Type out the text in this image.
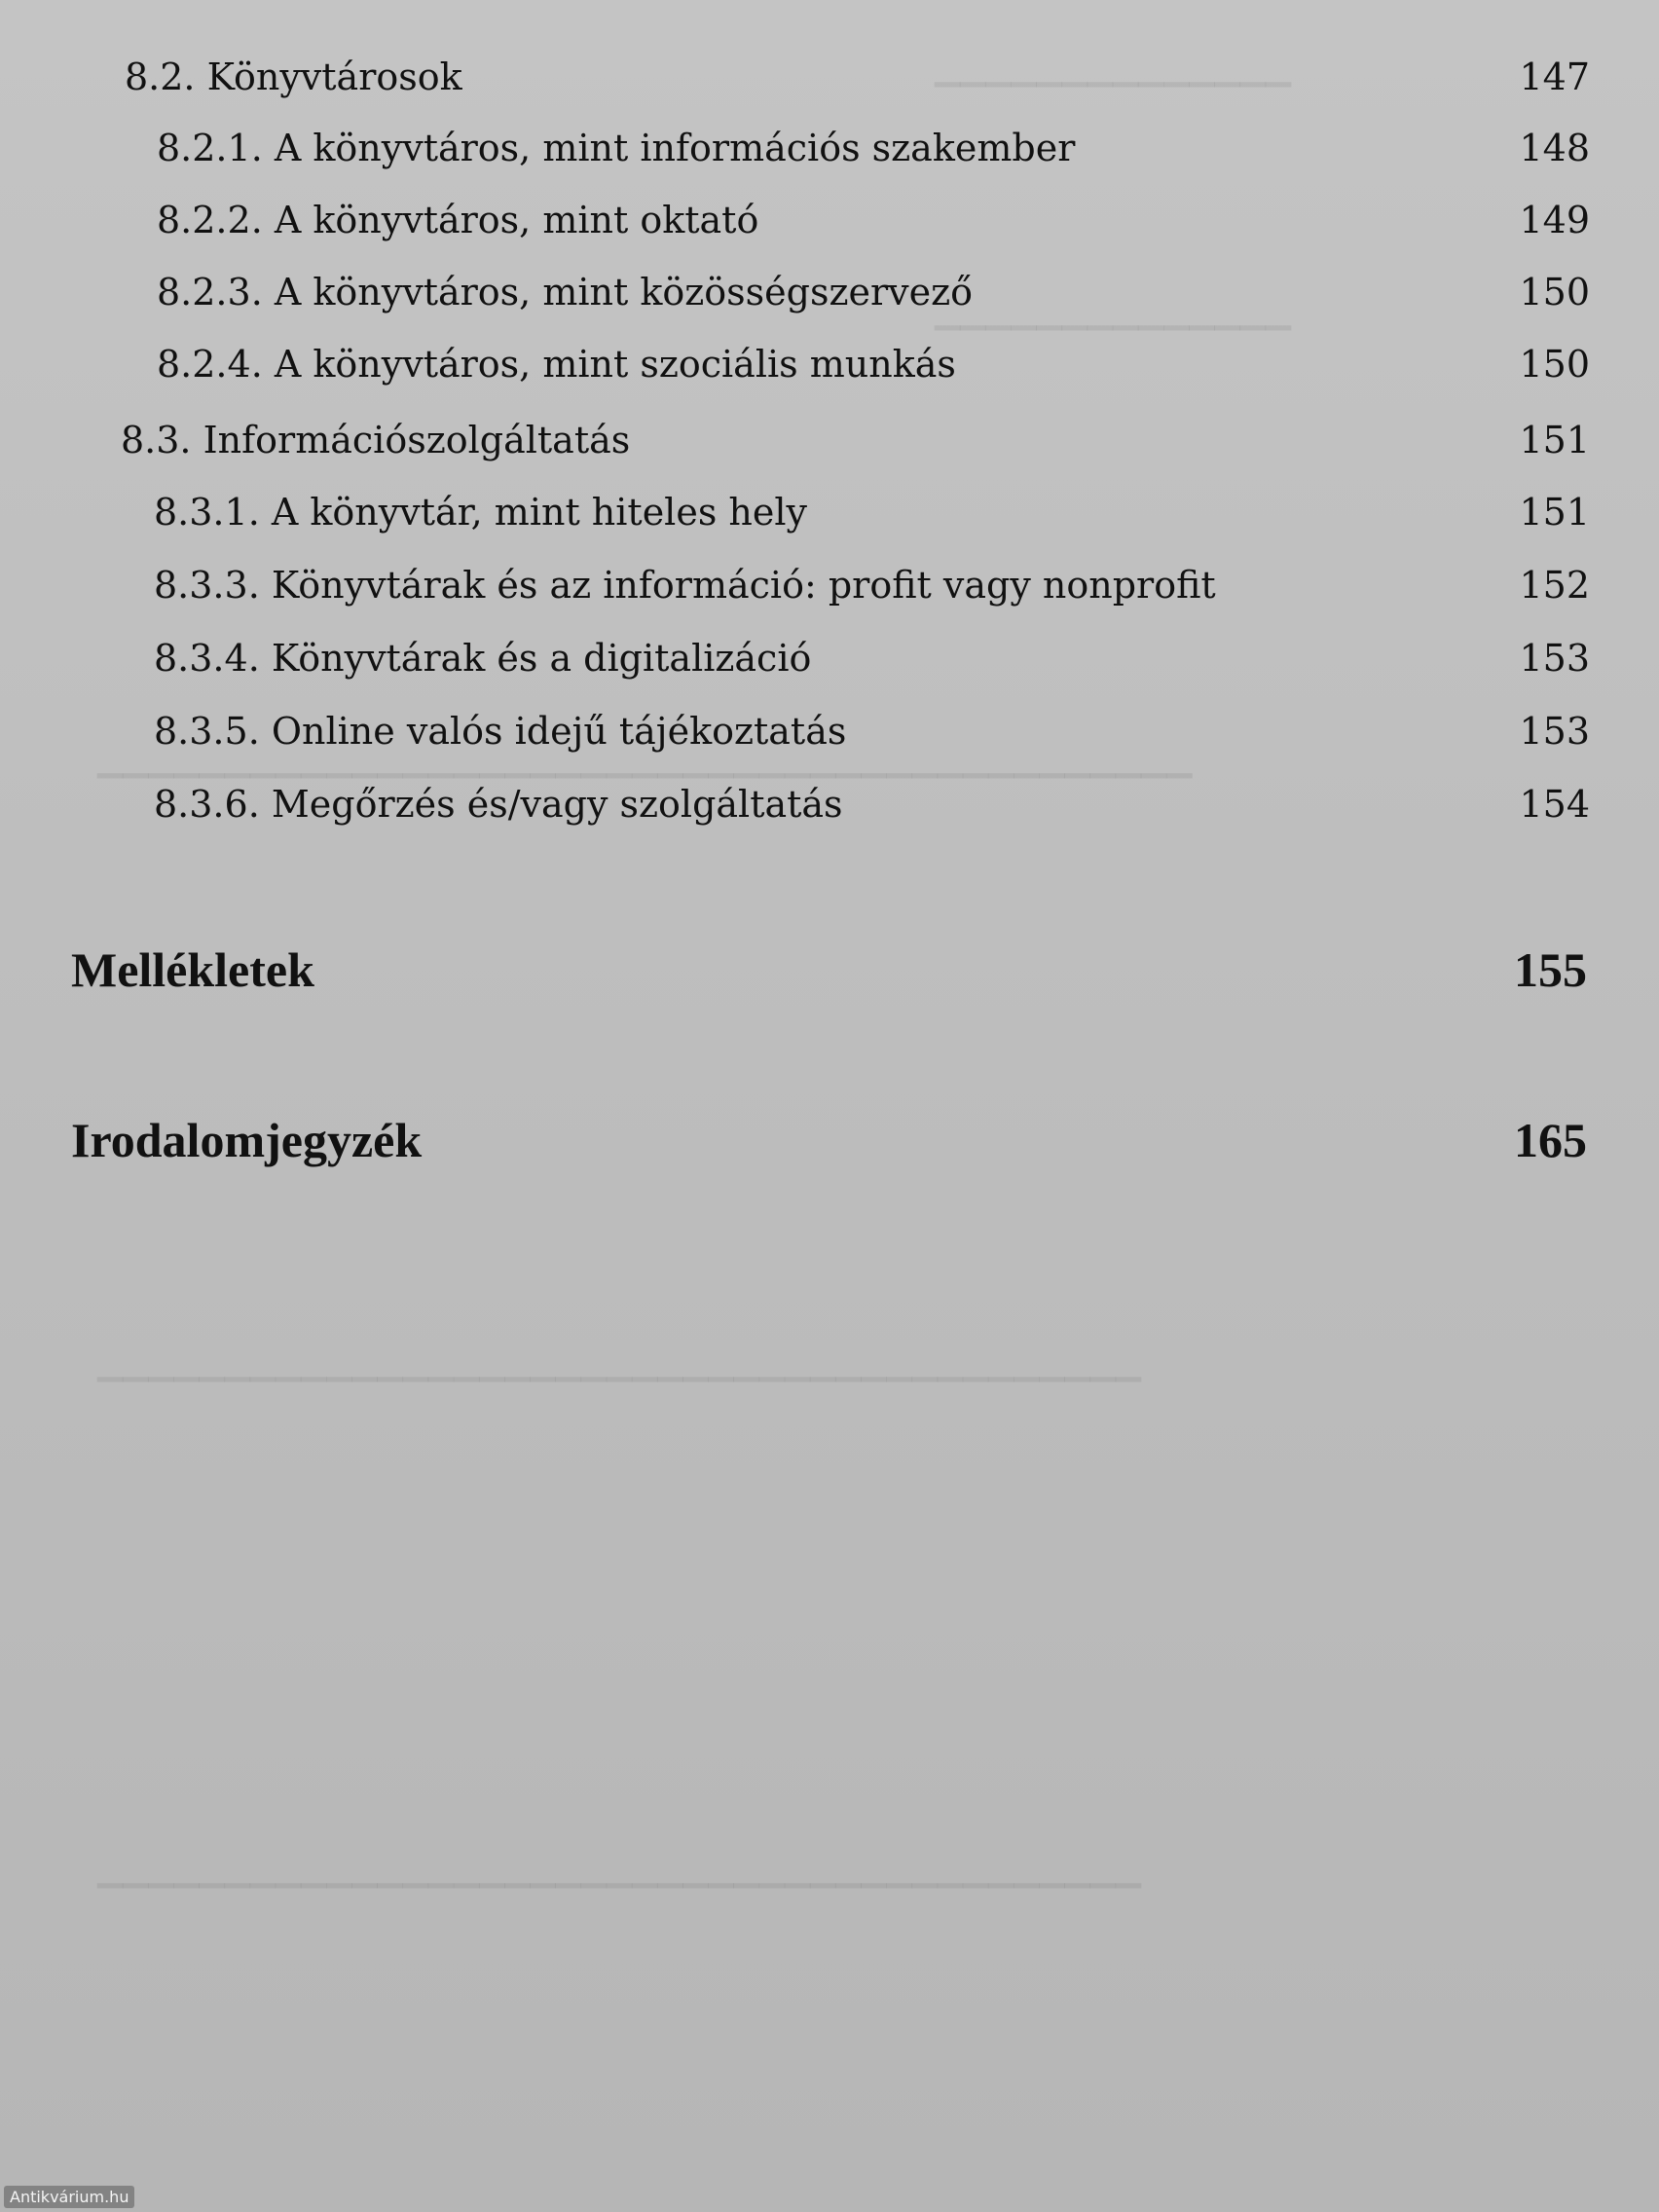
▁▁▁▁▁▁▁▁▁▁▁▁▁▁
▁▁▁▁▁▁▁▁▁▁▁▁▁▁
▁▁▁▁▁▁▁▁▁▁▁▁▁▁▁▁▁▁▁▁▁▁▁▁▁▁▁▁▁▁▁▁▁▁▁▁▁▁▁▁▁▁▁
▁▁▁▁▁▁▁▁▁▁▁▁▁▁▁▁▁▁▁▁▁▁▁▁▁▁▁▁▁▁▁▁▁▁▁▁▁▁▁▁▁
▁▁▁▁▁▁▁▁▁▁▁▁▁▁▁▁▁▁▁▁▁▁▁▁▁▁▁▁▁▁▁▁▁▁▁▁▁▁▁▁▁
8.2. Könyvtárosok	147
8.2.1. A könyvtáros, mint információs szakember	148
8.2.2. A könyvtáros, mint oktató	149
8.2.3. A könyvtáros, mint közösségszervező	150
8.2.4. A könyvtáros, mint szociális munkás	150
8.3. Információszolgáltatás	151
8.3.1. A könyvtár, mint hiteles hely	151
8.3.3. Könyvtárak és az információ: profit vagy nonprofit	152
8.3.4. Könyvtárak és a digitalizáció	153
8.3.5. Online valós idejű tájékoztatás	153
8.3.6. Megőrzés és/vagy szolgáltatás	154
Mellékletek	155
Irodalomjegyzék	165
Antikvárium.hu
